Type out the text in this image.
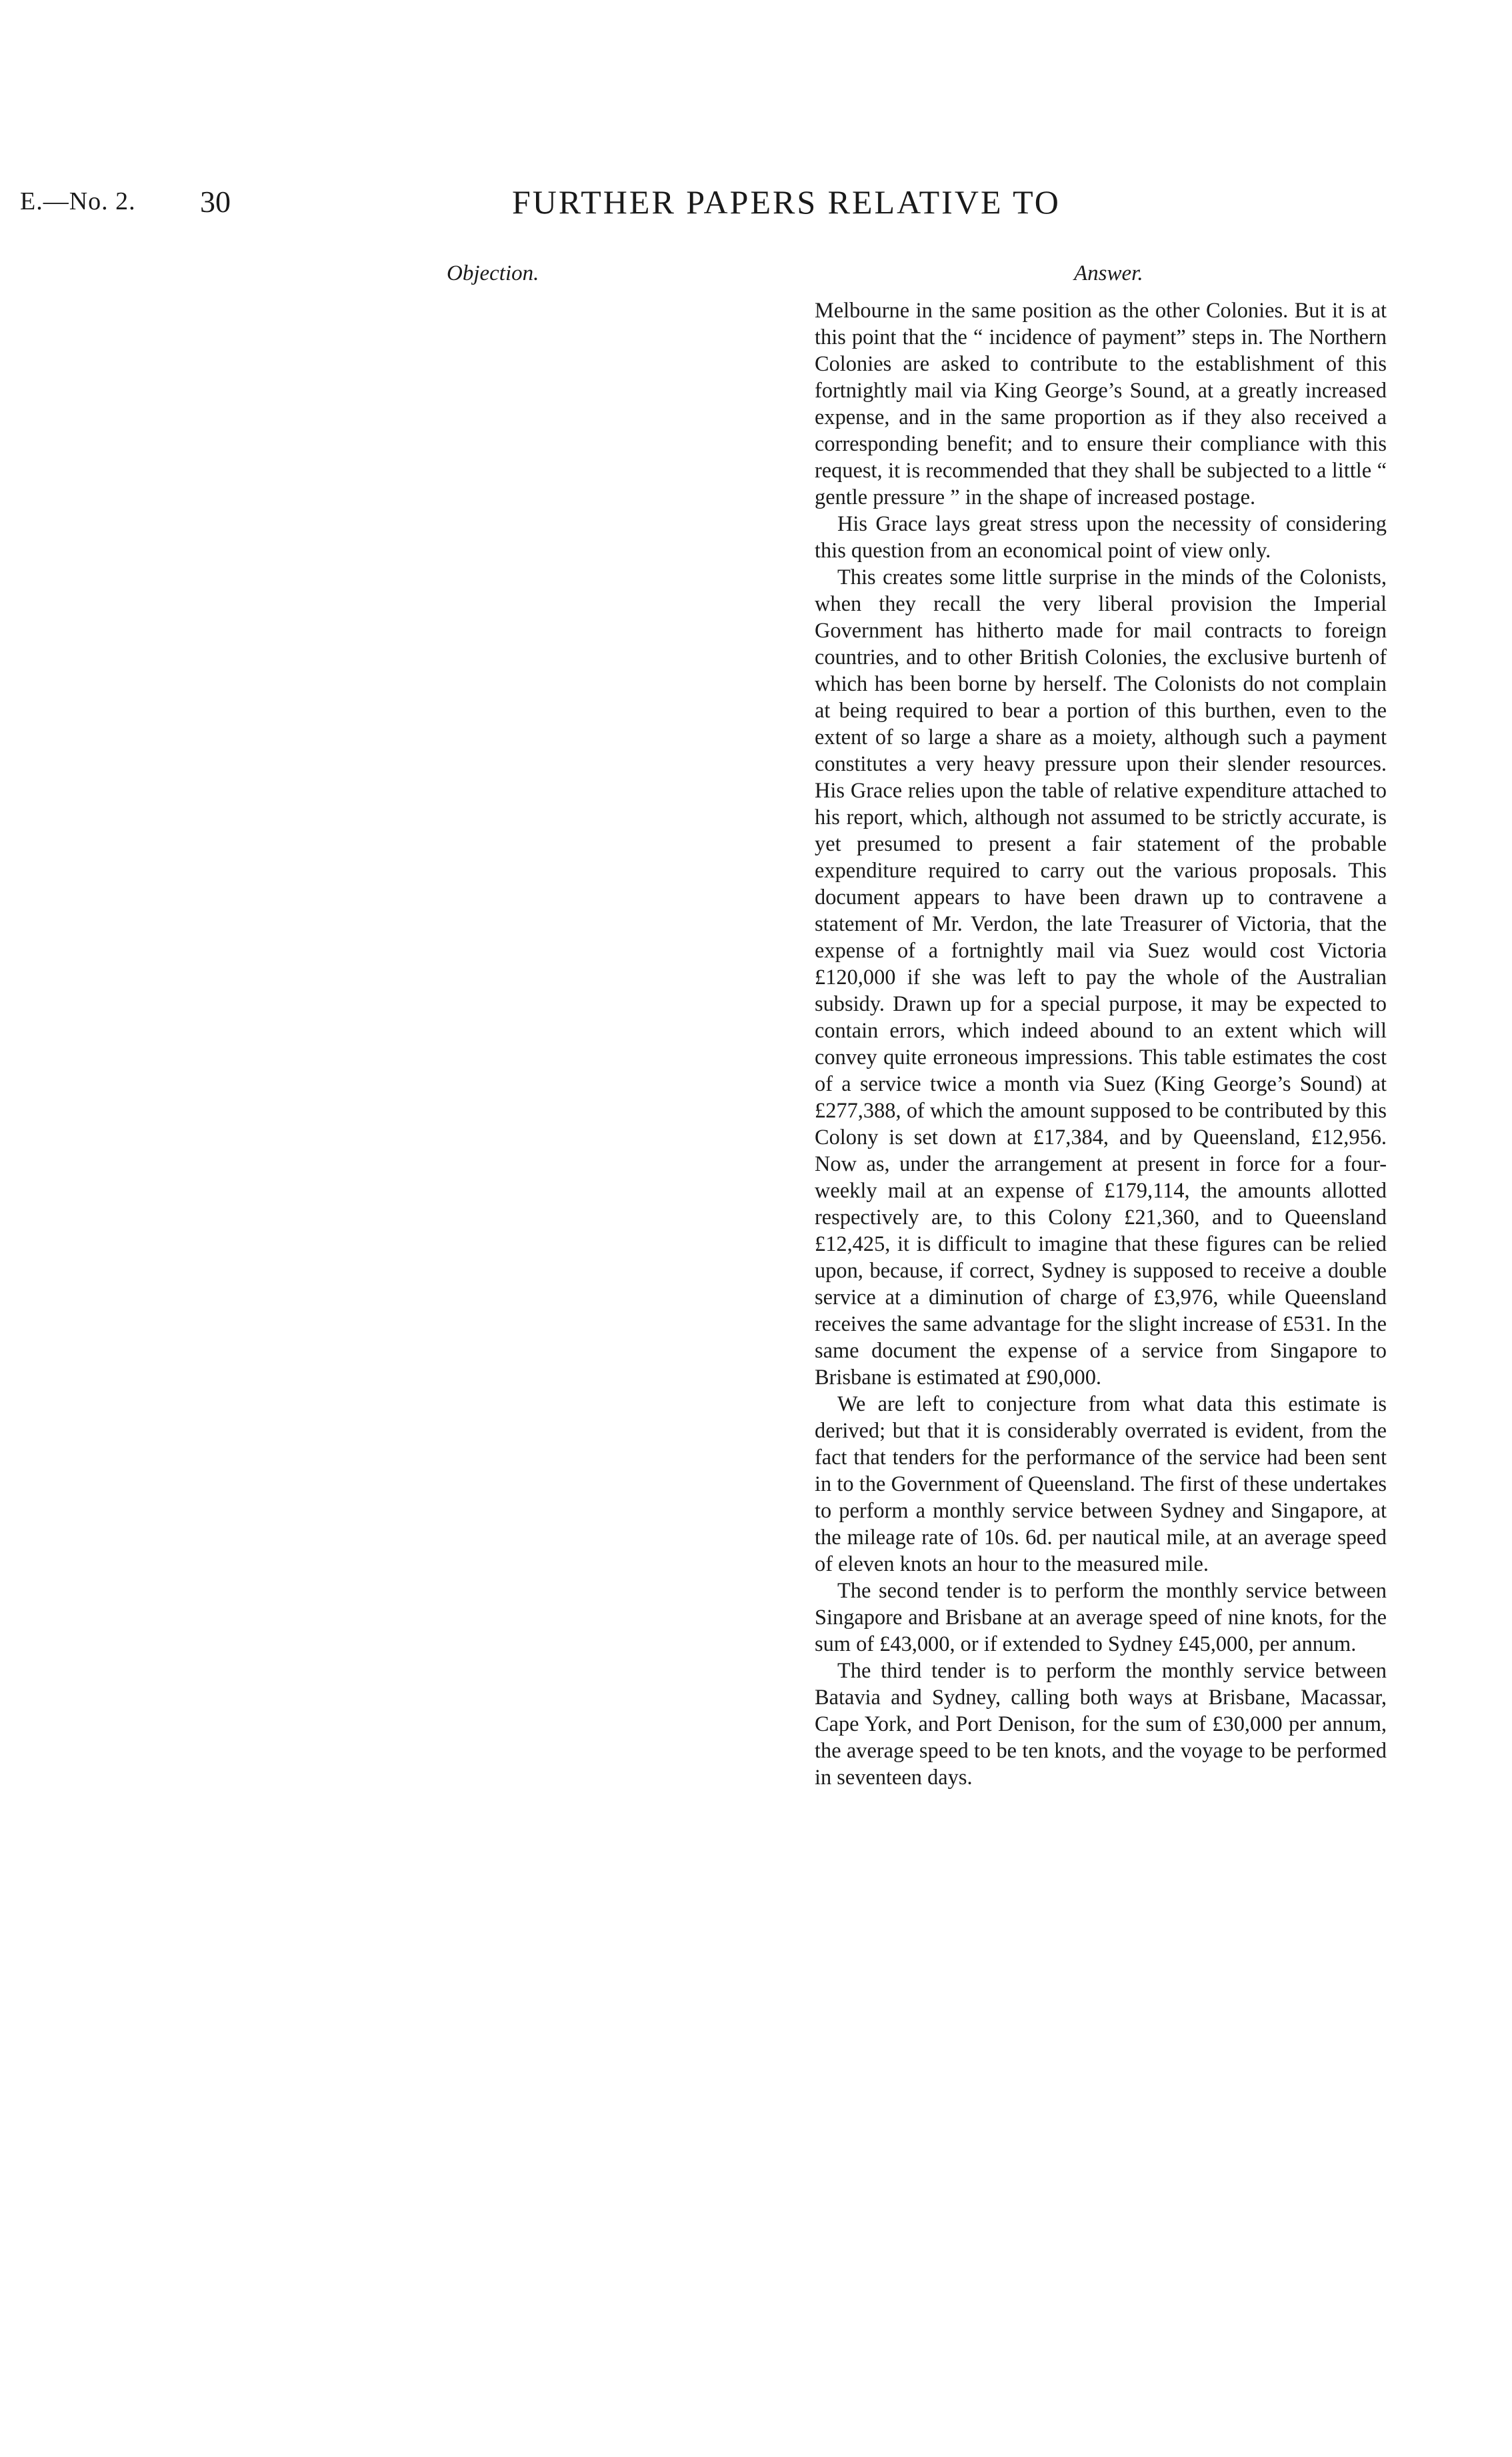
E.—No. 2. 30	FURTHER PAPERS RELATIVE TO
Objection.	Answer.

Melbourne in the same position as the other Colonies. But it is at this point that the “ incidence of payment” steps in. The Northern Colonies are asked to contribute to the establishment of this fortnightly mail via King George’s Sound, at a greatly increased expense, and in the same proportion as if they also received a corresponding benefit; and to ensure their compliance with this request, it is recommended that they shall be subjected to a little “ gentle pressure ” in the shape of increased postage.

His Grace lays great stress upon the necessity of considering this question from an economical point of view only.

This creates some little surprise in the minds of the Colonists, when they recall the very liberal provision the Imperial Government has hitherto made for mail contracts to foreign countries, and to other British Colonies, the exclusive burtenh of which has been borne by herself. The Colonists do not complain at being required to bear a portion of this burthen, even to the extent of so large a share as a moiety, although such a payment constitutes a very heavy pressure upon their slender resources. His Grace relies upon the table of relative expenditure attached to his report, which, although not assumed to be strictly accurate, is yet presumed to present a fair statement of the probable expenditure required to carry out the various proposals. This document appears to have been drawn up to contravene a statement of Mr. Verdon, the late Treasurer of Victoria, that the expense of a fortnightly mail via Suez would cost Victoria £120,000 if she was left to pay the whole of the Australian subsidy. Drawn up for a special purpose, it may be expected to contain errors, which indeed abound to an extent which will convey quite erroneous impressions. This table estimates the cost of a service twice a month via Suez (King George’s Sound) at £277,388, of which the amount supposed to be contributed by this Colony is set down at £17,384, and by Queensland, £12,956. Now as, under the arrangement at present in force for a four-weekly mail at an expense of £179,114, the amounts allotted respectively are, to this Colony £21,360, and to Queensland £12,425, it is difficult to imagine that these figures can be relied upon, because, if correct, Sydney is supposed to receive a double service at a diminution of charge of £3,976, while Queensland receives the same advantage for the slight increase of £531. In the same document the expense of a service from Singapore to Brisbane is estimated at £90,000.

We are left to conjecture from what data this estimate is derived; but that it is considerably overrated is evident, from the fact that tenders for the performance of the service had been sent in to the Government of Queensland. The first of these undertakes to perform a monthly service between Sydney and Singapore, at the mileage rate of 10s. 6d. per nautical mile, at an average speed of eleven knots an hour to the measured mile.

The second tender is to perform the monthly service between Singapore and Brisbane at an average speed of nine knots, for the sum of £43,000, or if extended to Sydney £45,000, per annum.

The third tender is to perform the monthly service between Batavia and Sydney, calling both ways at Brisbane, Macassar, Cape York, and Port Denison, for the sum of £30,000 per annum, the average speed to be ten knots, and the voyage to be performed in seventeen days.
